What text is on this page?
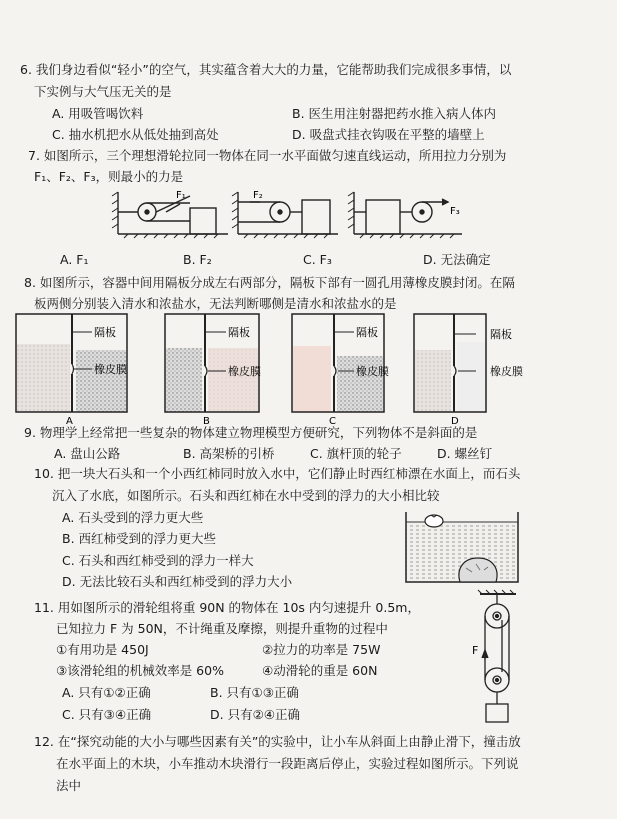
6. 我们身边看似“轻小”的空气，其实蕴含着大大的力量，它能帮助我们完成很多事情，以
下实例与大气压无关的是
A. 用吸管喝饮料	B. 医生用注射器把药水推入病人体内
C. 抽水机把水从低处抽到高处	D. 吸盘式挂衣钩吸在平整的墙壁上
7. 如图所示，三个理想滑轮拉同一物体在同一水平面做匀速直线运动，所用拉力分别为
F₁、F₂、F₃，则最小的力是
F₁	F₂
F₃
A. F₁	B. F₂	C. F₃	D. 无法确定
8. 如图所示，容器中间用隔板分成左右两部分，隔板下部有一圆孔用薄橡皮膜封闭。在隔
板两侧分别装入清水和浓盐水，无法判断哪侧是清水和浓盐水的是
隔板
橡皮膜
A
隔板
橡皮膜
B
隔板
橡皮膜
C
隔板
橡皮膜
D
9. 物理学上经常把一些复杂的物体建立物理模型方便研究，下列物体不是斜面的是
A. 盘山公路	B. 高架桥的引桥	C. 旗杆顶的轮子	D. 螺丝钉
10. 把一块大石头和一个小西红柿同时放入水中，它们静止时西红柿漂在水面上，而石头
沉入了水底，如图所示。石头和西红柿在水中受到的浮力的大小相比较
A. 石头受到的浮力更大些
B. 西红柿受到的浮力更大些
C. 石头和西红柿受到的浮力一样大
D. 无法比较石头和西红柿受到的浮力大小
11. 用如图所示的滑轮组将重 90N 的物体在 10s 内匀速提升 0.5m，
已知拉力 F 为 50N，不计绳重及摩擦，则提升重物的过程中
①有用功是 450J	②拉力的功率是 75W
③该滑轮组的机械效率是 60%	④动滑轮的重是 60N
A. 只有①②正确	B. 只有①③正确
C. 只有③④正确	D. 只有②④正确
F
12. 在“探究动能的大小与哪些因素有关”的实验中，让小车从斜面上由静止滑下，撞击放
在水平面上的木块，小车推动木块滑行一段距离后停止，实验过程如图所示。下列说
法中
